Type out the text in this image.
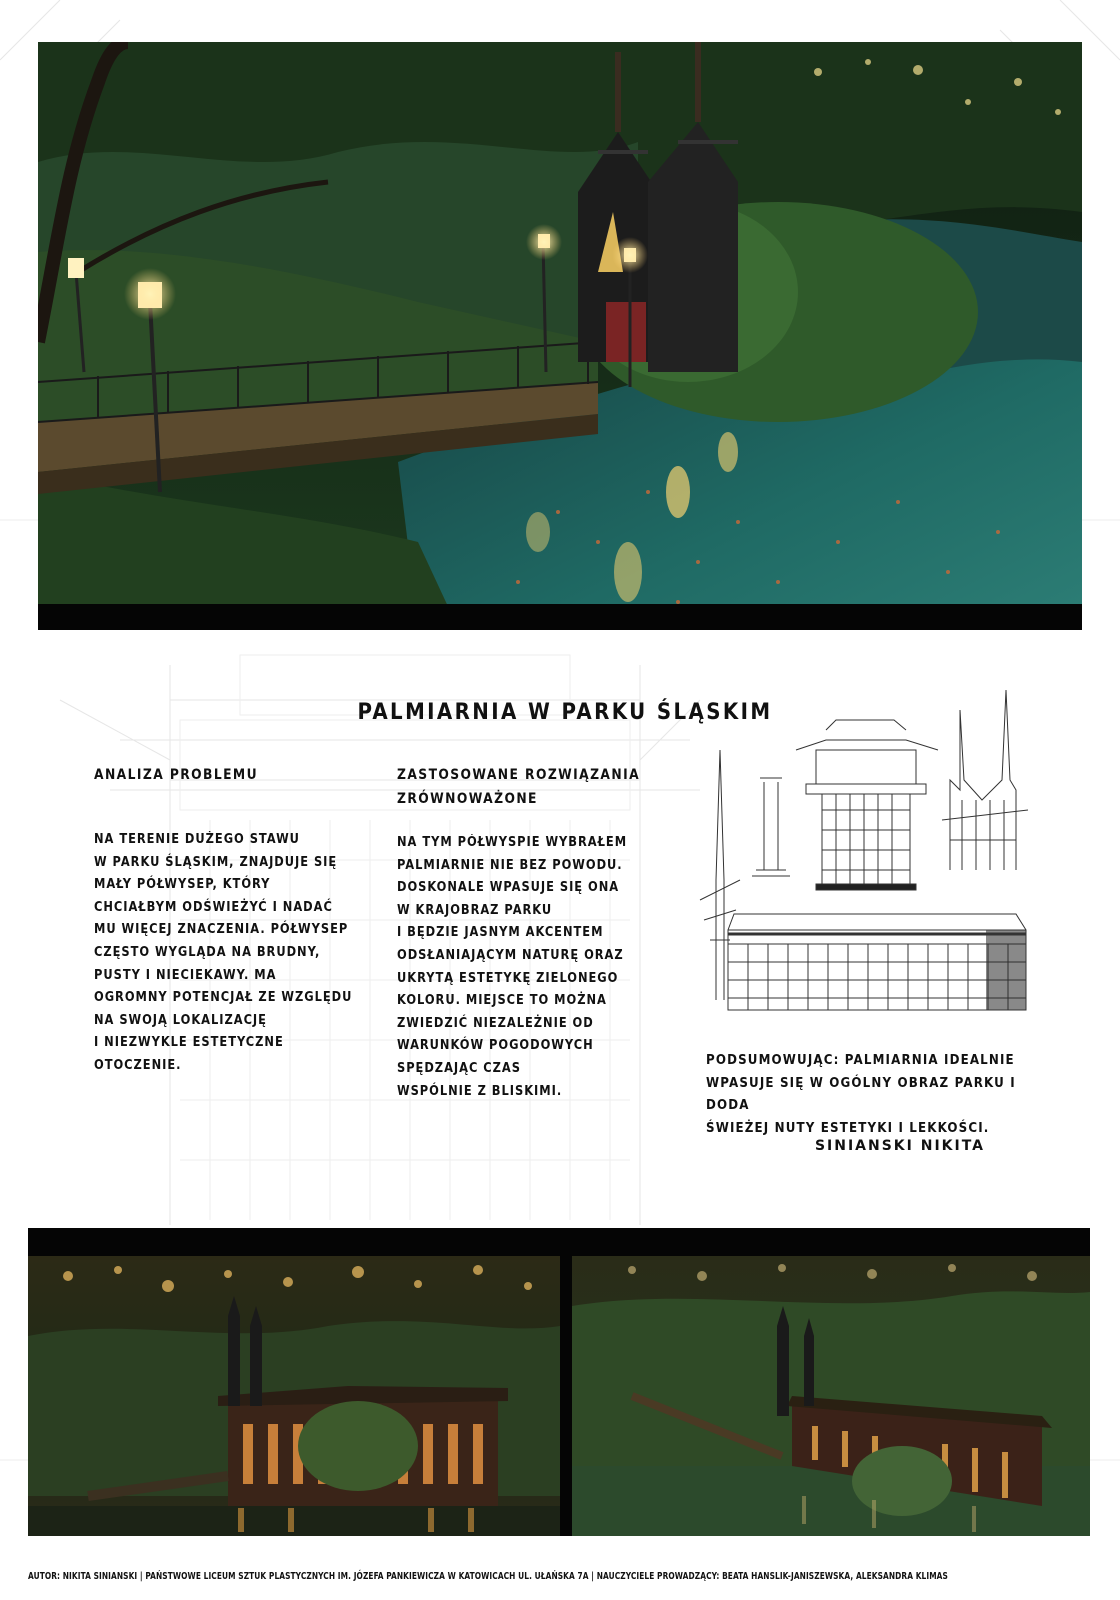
PALMIARNIA W PARKU ŚLĄSKIM
ANALIZA PROBLEMU
NA TERENIE DUŻEGO STAWU
W PARKU ŚLĄSKIM, ZNAJDUJE SIĘ
MAŁY PÓŁWYSEP, KTÓRY
CHCIAŁBYM ODŚWIEŻYĆ I NADAĆ
MU WIĘCEJ ZNACZENIA. PÓŁWYSEP
CZĘSTO WYGLĄDA NA BRUDNY,
PUSTY I NIECIEKAWY. MA
OGROMNY POTENCJAŁ ZE WZGLĘDU
NA SWOJĄ LOKALIZACJĘ
I NIEZWYKLE ESTETYCZNE
OTOCZENIE.
ZASTOSOWANE ROZWIĄZANIA
ZRÓWNOWAŻONE
NA TYM PÓŁWYSPIE WYBRAŁEM
PALMIARNIE NIE BEZ POWODU.
DOSKONALE WPASUJE SIĘ ONA
W KRAJOBRAZ PARKU
I BĘDZIE JASNYM AKCENTEM
ODSŁANIAJĄCYM NATURĘ ORAZ
UKRYTĄ ESTETYKĘ ZIELONEGO
KOLORU. MIEJSCE TO MOŻNA
ZWIEDZIĆ NIEZALEŻNIE OD
WARUNKÓW POGODOWYCH
SPĘDZAJĄC CZAS
WSPÓLNIE Z BLISKIMI.
PODSUMOWUJĄC: PALMIARNIA IDEALNIE
WPASUJE SIĘ W OGÓLNY OBRAZ PARKU I DODA
ŚWIEŻEJ NUTY ESTETYKI I LEKKOŚCI.
SINIANSKI NIKITA
AUTOR: NIKITA SINIANSKI | PAŃSTWOWE LICEUM SZTUK PLASTYCZNYCH IM. JÓZEFA PANKIEWICZA W KATOWICACH UL. UŁAŃSKA 7A | NAUCZYCIELE PROWADZĄCY: BEATA HANSLIK-JANISZEWSKA, ALEKSANDRA KLIMAS
